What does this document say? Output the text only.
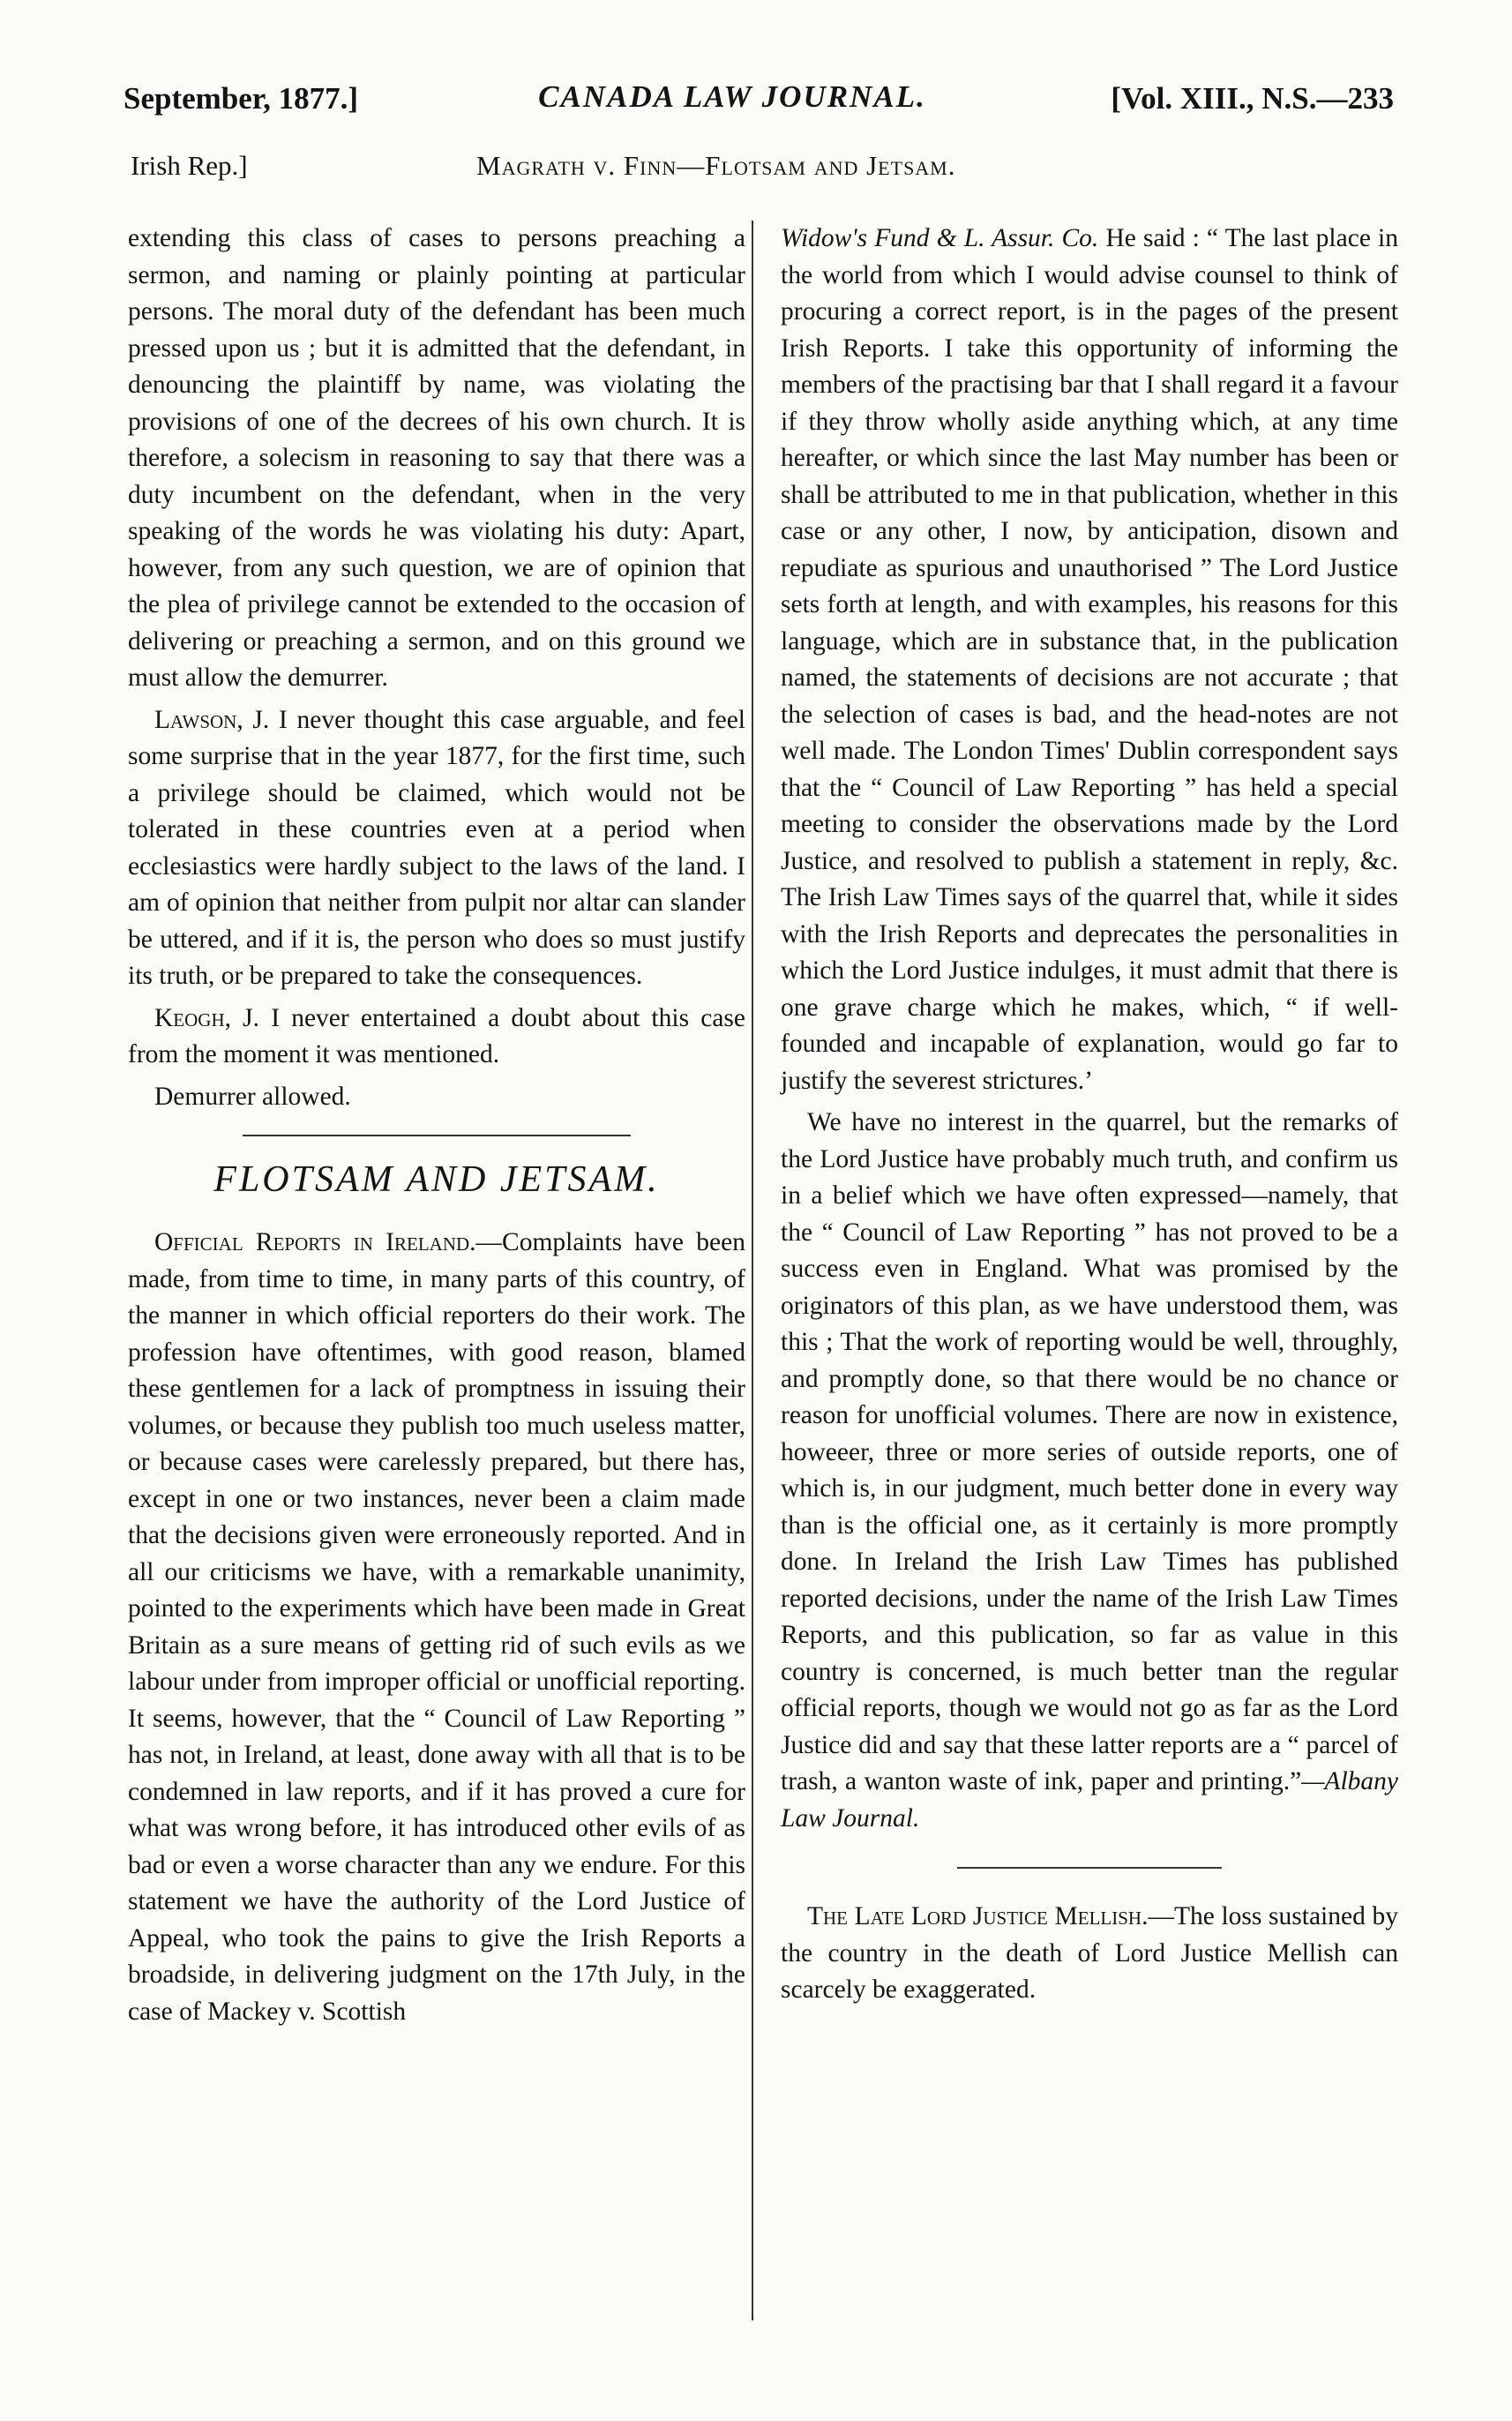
September, 1877.]	CANADA LAW JOURNAL.	[Vol. XIII., N.S.—233
Irish Rep.]	Magrath v. Finn—Flotsam and Jetsam.

extending this class of cases to persons preaching a sermon, and naming or plainly pointing at particular persons. The moral duty of the defendant has been much pressed upon us ; but it is admitted that the defendant, in denouncing the plaintiff by name, was violating the provisions of one of the decrees of his own church. It is therefore, a solecism in reasoning to say that there was a duty incumbent on the defendant, when in the very speaking of the words he was violating his duty: Apart, however, from any such question, we are of opinion that the plea of privilege cannot be extended to the occasion of delivering or preaching a sermon, and on this ground we must allow the demurrer.

Lawson, J. I never thought this case arguable, and feel some surprise that in the year 1877, for the first time, such a privilege should be claimed, which would not be tolerated in these countries even at a period when ecclesiastics were hardly subject to the laws of the land. I am of opinion that neither from pulpit nor altar can slander be uttered, and if it is, the person who does so must justify its truth, or be prepared to take the consequences.

Keogh, J. I never entertained a doubt about this case from the moment it was mentioned.

Demurrer allowed.

FLOTSAM AND JETSAM.

Official Reports in Ireland.—Complaints have been made, from time to time, in many parts of this country, of the manner in which official reporters do their work. The profession have oftentimes, with good reason, blamed these gentlemen for a lack of promptness in issuing their volumes, or because they publish too much useless matter, or because cases were carelessly prepared, but there has, except in one or two instances, never been a claim made that the decisions given were erroneously reported. And in all our criticisms we have, with a remarkable unanimity, pointed to the experiments which have been made in Great Britain as a sure means of getting rid of such evils as we labour under from improper official or unofficial reporting. It seems, however, that the “ Council of Law Reporting ” has not, in Ireland, at least, done away with all that is to be condemned in law reports, and if it has proved a cure for what was wrong before, it has introduced other evils of as bad or even a worse character than any we endure. For this statement we have the authority of the Lord Justice of Appeal, who took the pains to give the Irish Reports a broadside, in delivering judgment on the 17th July, in the case of Mackey v. Scottish

Widow's Fund & L. Assur. Co. He said : “ The last place in the world from which I would advise counsel to think of procuring a correct report, is in the pages of the present Irish Reports. I take this opportunity of informing the members of the practising bar that I shall regard it a favour if they throw wholly aside anything which, at any time hereafter, or which since the last May number has been or shall be attributed to me in that publication, whether in this case or any other, I now, by anticipation, disown and repudiate as spurious and unauthorised ” The Lord Justice sets forth at length, and with examples, his reasons for this language, which are in substance that, in the publication named, the statements of decisions are not accurate ; that the selection of cases is bad, and the head-notes are not well made. The London Times' Dublin correspondent says that the “ Council of Law Reporting ” has held a special meeting to consider the observations made by the Lord Justice, and resolved to publish a statement in reply, &c. The Irish Law Times says of the quarrel that, while it sides with the Irish Reports and deprecates the personalities in which the Lord Justice indulges, it must admit that there is one grave charge which he makes, which, “ if well-founded and incapable of explanation, would go far to justify the severest strictures.’

We have no interest in the quarrel, but the remarks of the Lord Justice have probably much truth, and confirm us in a belief which we have often expressed—namely, that the “ Council of Law Reporting ” has not proved to be a success even in England. What was promised by the originators of this plan, as we have understood them, was this ; That the work of reporting would be well, throughly, and promptly done, so that there would be no chance or reason for unofficial volumes. There are now in existence, howeeer, three or more series of outside reports, one of which is, in our judgment, much better done in every way than is the official one, as it certainly is more promptly done. In Ireland the Irish Law Times has published reported decisions, under the name of the Irish Law Times Reports, and this publication, so far as value in this country is concerned, is much better tnan the regular official reports, though we would not go as far as the Lord Justice did and say that these latter reports are a “ parcel of trash, a wanton waste of ink, paper and printing.”—Albany Law Journal.

The Late Lord Justice Mellish.—The loss sustained by the country in the death of Lord Justice Mellish can scarcely be exaggerated.
